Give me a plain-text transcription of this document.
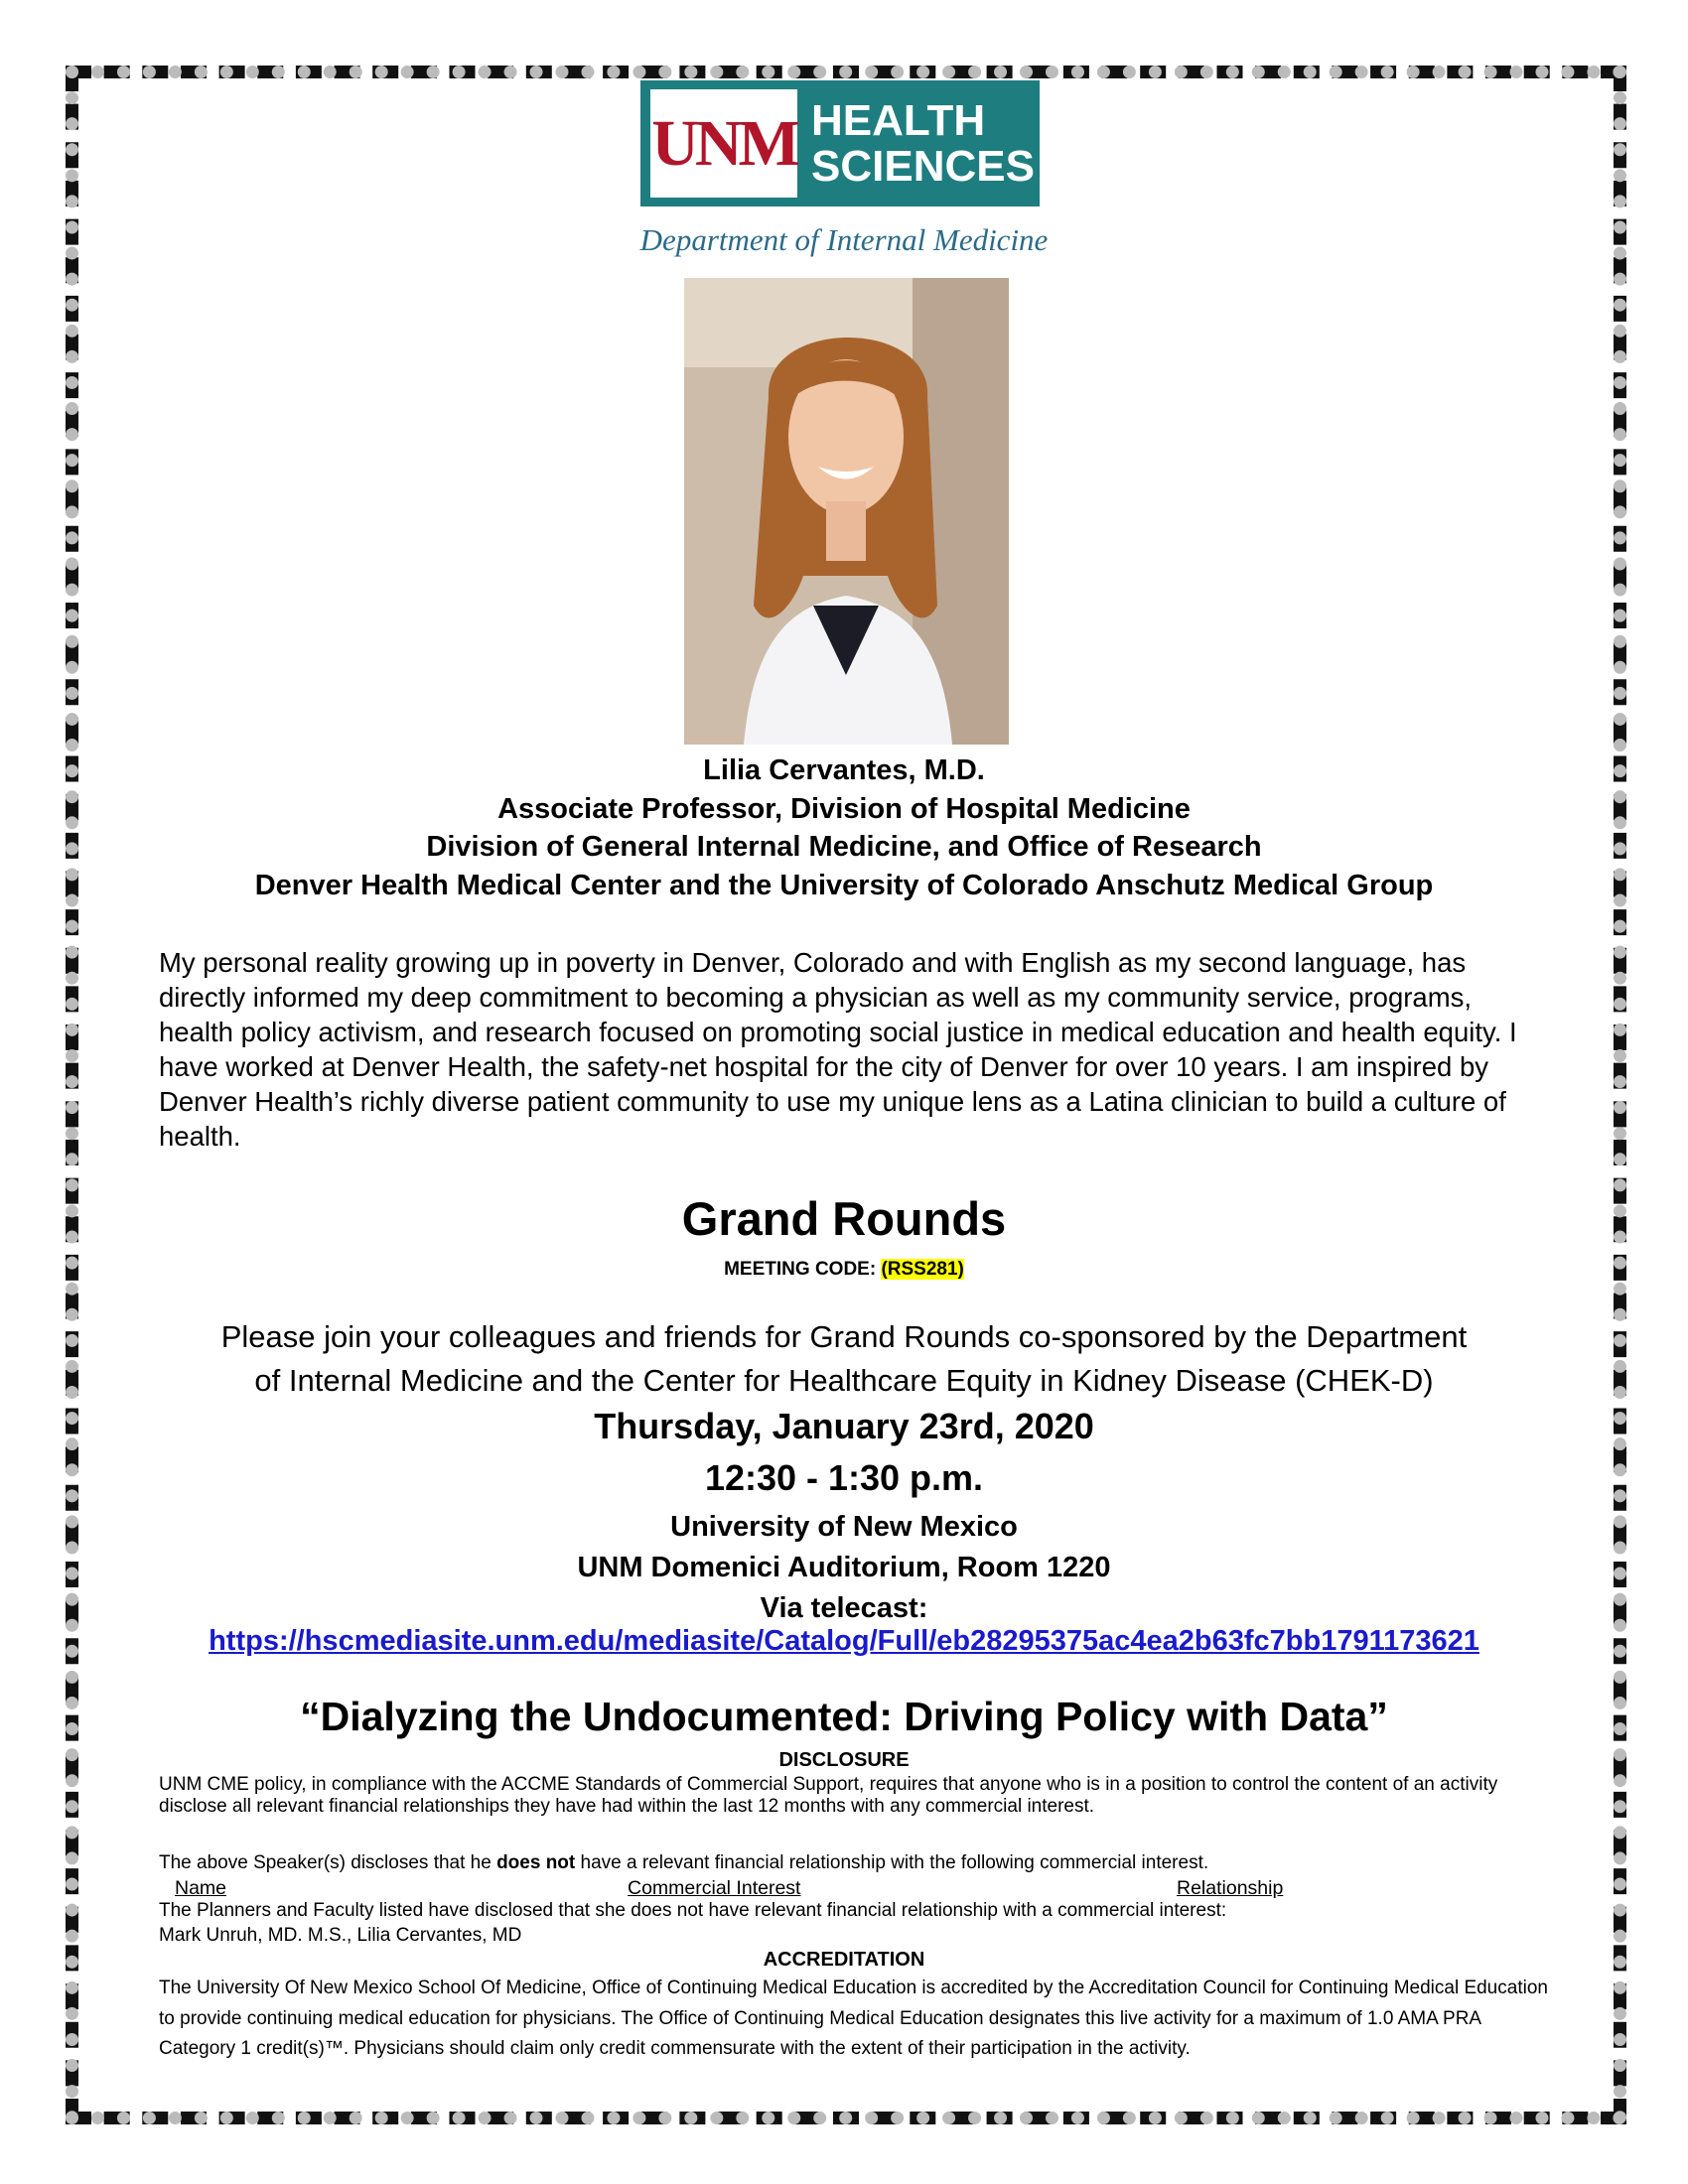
UNM HEALTH
SCIENCES
Department of Internal Medicine
Lilia Cervantes, M.D.
Associate Professor, Division of Hospital Medicine
Division of General Internal Medicine, and Office of Research
Denver Health Medical Center and the University of Colorado Anschutz Medical Group
My personal reality growing up in poverty in Denver, Colorado and with English as my second language, has directly informed my deep commitment to becoming a physician as well as my community service, programs, health policy activism, and research focused on promoting social justice in medical education and health equity. I have worked at Denver Health, the safety-net hospital for the city of Denver for over 10 years. I am inspired by Denver Health’s richly diverse patient community to use my unique lens as a Latina clinician to build a culture of health.
Grand Rounds
MEETING CODE: (RSS281)
Please join your colleagues and friends for Grand Rounds co-sponsored by the Department
of Internal Medicine and the Center for Healthcare Equity in Kidney Disease (CHEK-D)
Thursday, January 23rd, 2020
12:30 - 1:30 p.m.
University of New Mexico
UNM Domenici Auditorium, Room 1220
Via telecast:
https://hscmediasite.unm.edu/mediasite/Catalog/Full/eb28295375ac4ea2b63fc7bb1791173621
“Dialyzing the Undocumented: Driving Policy with Data”
DISCLOSURE
UNM CME policy, in compliance with the ACCME Standards of Commercial Support, requires that anyone who is in a position to control the content of an activity disclose all relevant financial relationships they have had within the last 12 months with any commercial interest.
The above Speaker(s) discloses that he does not have a relevant financial relationship with the following commercial interest.
Name	Commercial Interest	Relationship
The Planners and Faculty listed have disclosed that she does not have relevant financial relationship with a commercial interest:
Mark Unruh, MD. M.S., Lilia Cervantes, MD
ACCREDITATION
The University Of New Mexico School Of Medicine, Office of Continuing Medical Education is accredited by the Accreditation Council for Continuing Medical Education to provide continuing medical education for physicians. The Office of Continuing Medical Education designates this live activity for a maximum of 1.0 AMA PRA Category 1 credit(s)™. Physicians should claim only credit commensurate with the extent of their participation in the activity.
